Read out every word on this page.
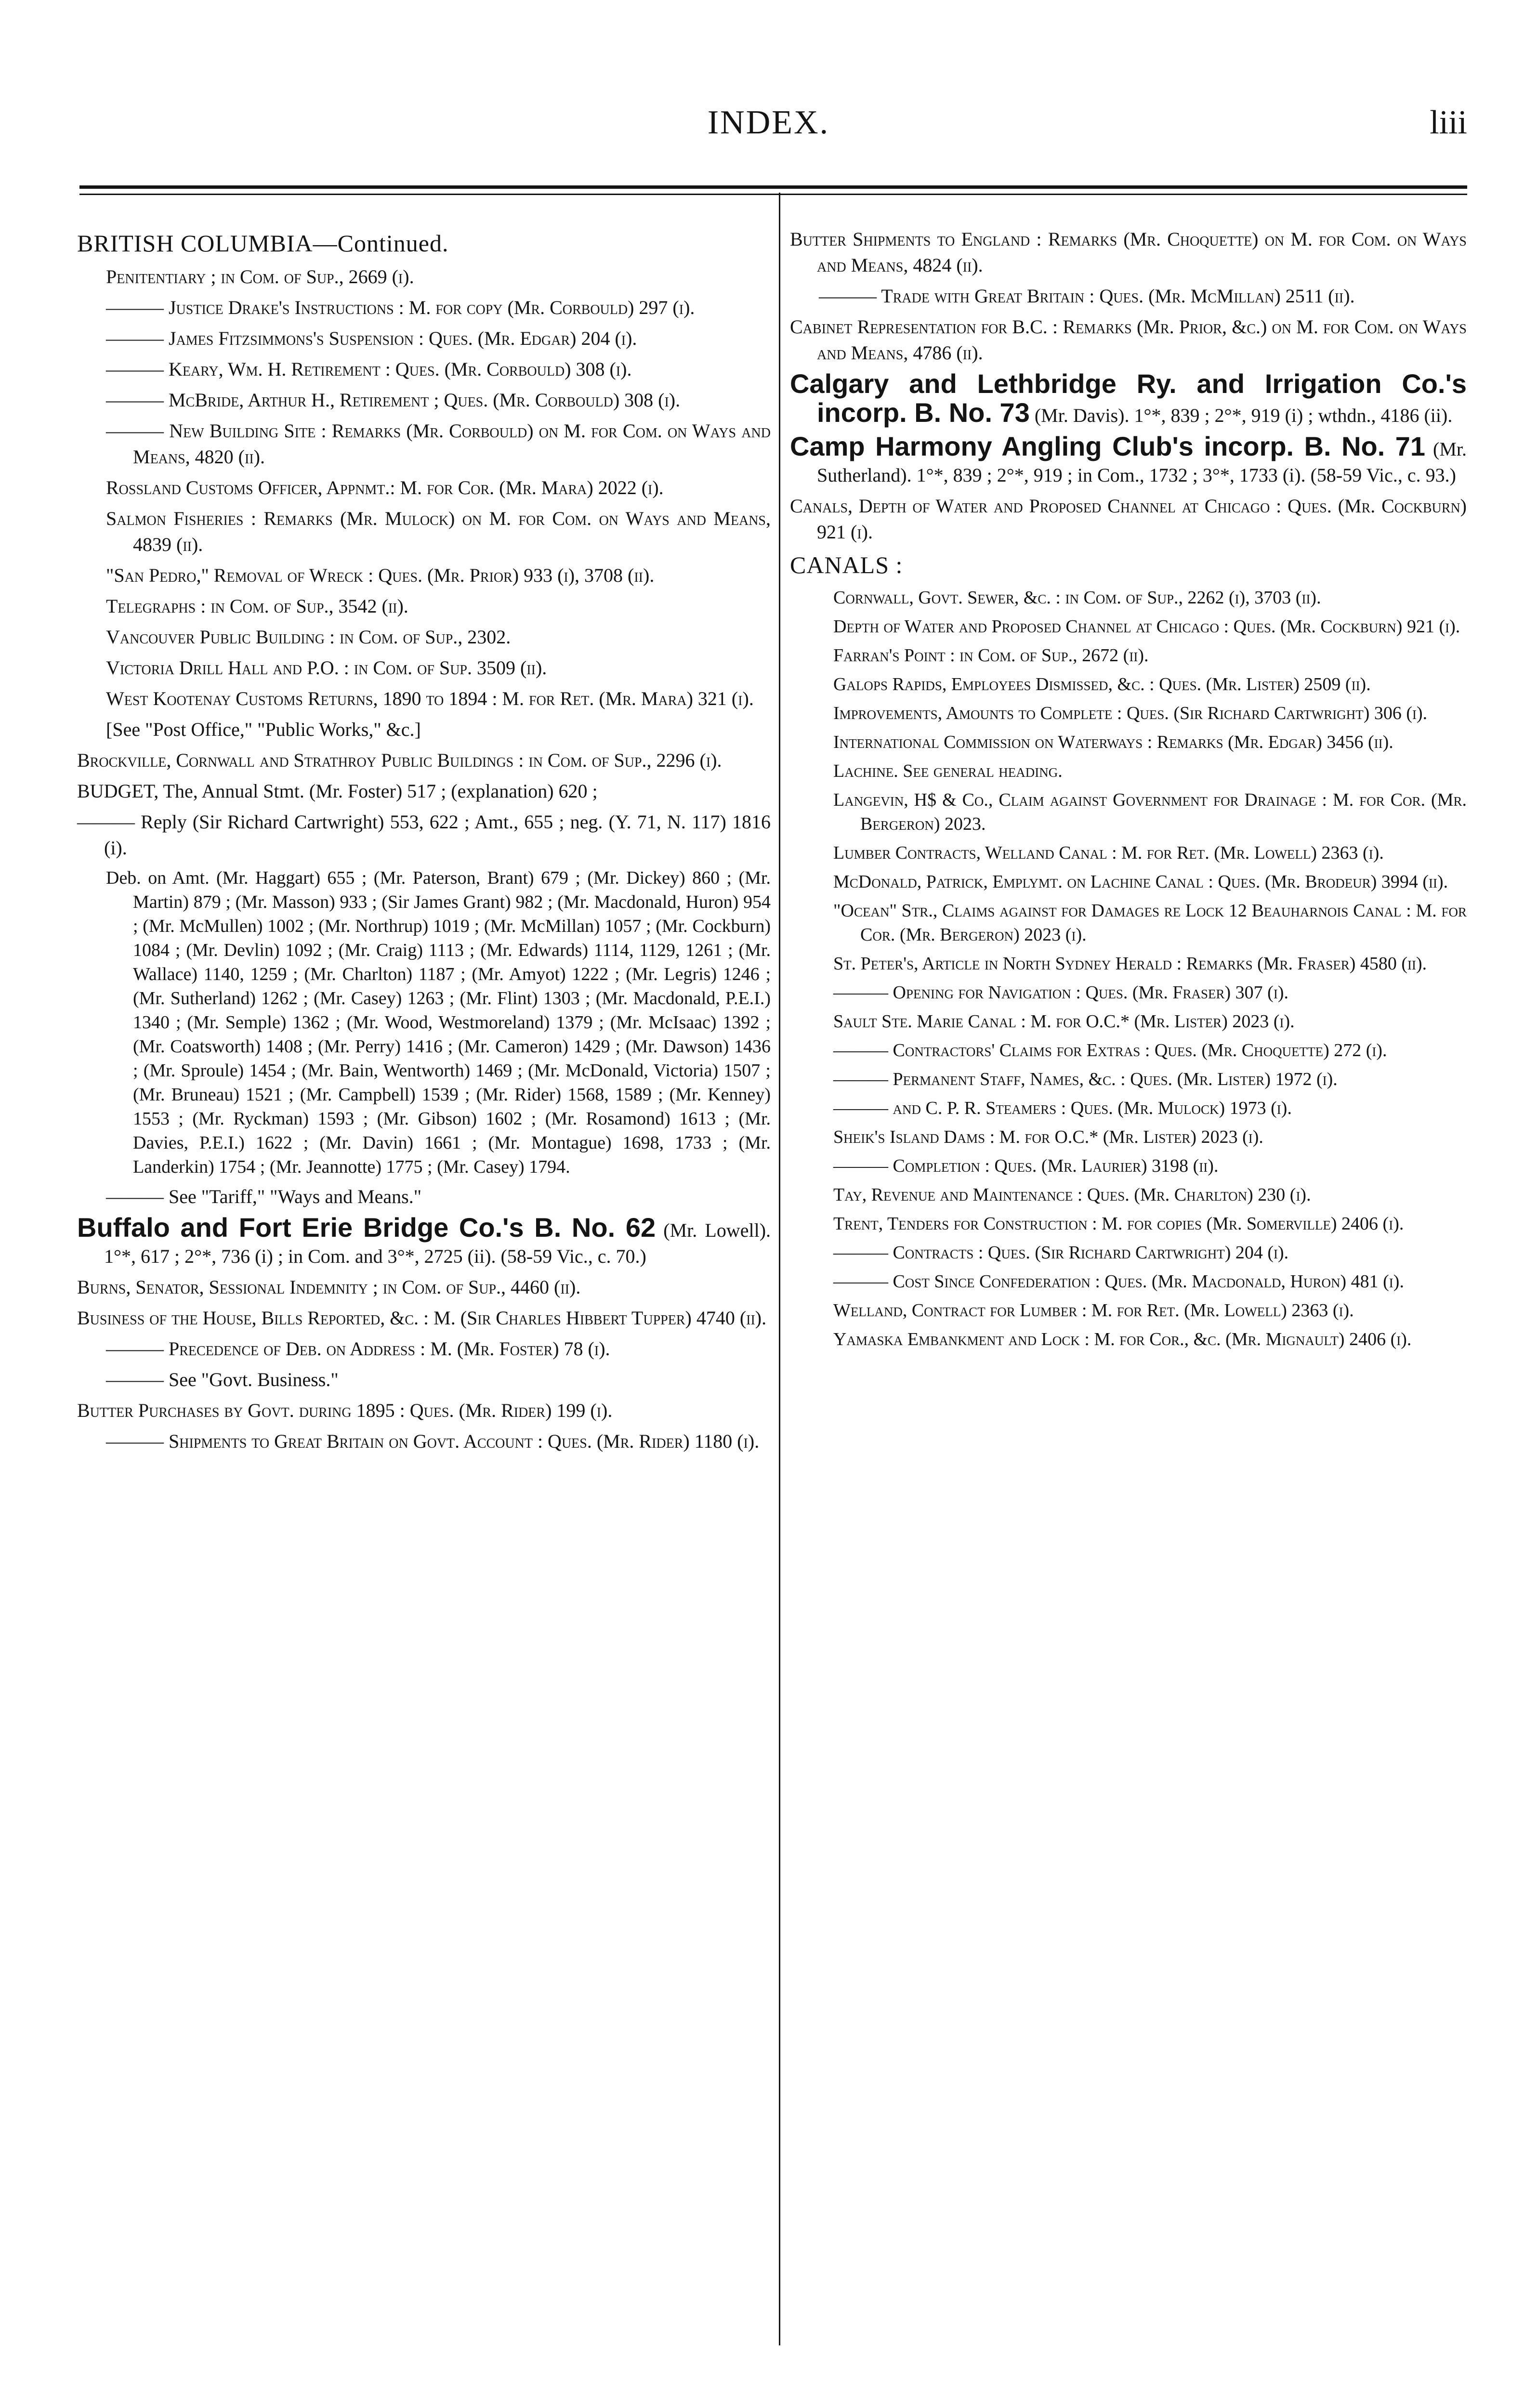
INDEX.	liii

BRITISH COLUMBIA—Continued.

Penitentiary ; in Com. of Sup., 2669 (i).

——— Justice Drake's Instructions : M. for copy (Mr. Corbould) 297 (i).

——— James Fitzsimmons's Suspension : Ques. (Mr. Edgar) 204 (i).

——— Keary, Wm. H. Retirement : Ques. (Mr. Corbould) 308 (i).

——— McBride, Arthur H., Retirement ; Ques. (Mr. Corbould) 308 (i).

——— New Building Site : Remarks (Mr. Corbould) on M. for Com. on Ways and Means, 4820 (ii).

Rossland Customs Officer, Appnmt.: M. for Cor. (Mr. Mara) 2022 (i).

Salmon Fisheries : Remarks (Mr. Mulock) on M. for Com. on Ways and Means, 4839 (ii).

"San Pedro," Removal of Wreck : Ques. (Mr. Prior) 933 (i), 3708 (ii).

Telegraphs : in Com. of Sup., 3542 (ii).

Vancouver Public Building : in Com. of Sup., 2302.

Victoria Drill Hall and P.O. : in Com. of Sup. 3509 (ii).

West Kootenay Customs Returns, 1890 to 1894 : M. for Ret. (Mr. Mara) 321 (i).

[See "Post Office," "Public Works," &c.]

Brockville, Cornwall and Strathroy Public Buildings : in Com. of Sup., 2296 (i).

BUDGET, The, Annual Stmt. (Mr. Foster) 517 ; (explanation) 620 ;

——— Reply (Sir Richard Cartwright) 553, 622 ; Amt., 655 ; neg. (Y. 71, N. 117) 1816 (i).

Deb. on Amt. (Mr. Haggart) 655 ; (Mr. Paterson, Brant) 679 ; (Mr. Dickey) 860 ; (Mr. Martin) 879 ; (Mr. Masson) 933 ; (Sir James Grant) 982 ; (Mr. Macdonald, Huron) 954 ; (Mr. McMullen) 1002 ; (Mr. Northrup) 1019 ; (Mr. McMillan) 1057 ; (Mr. Cockburn) 1084 ; (Mr. Devlin) 1092 ; (Mr. Craig) 1113 ; (Mr. Edwards) 1114, 1129, 1261 ; (Mr. Wallace) 1140, 1259 ; (Mr. Charlton) 1187 ; (Mr. Amyot) 1222 ; (Mr. Legris) 1246 ; (Mr. Sutherland) 1262 ; (Mr. Casey) 1263 ; (Mr. Flint) 1303 ; (Mr. Macdonald, P.E.I.) 1340 ; (Mr. Semple) 1362 ; (Mr. Wood, Westmoreland) 1379 ; (Mr. McIsaac) 1392 ; (Mr. Coatsworth) 1408 ; (Mr. Perry) 1416 ; (Mr. Cameron) 1429 ; (Mr. Dawson) 1436 ; (Mr. Sproule) 1454 ; (Mr. Bain, Wentworth) 1469 ; (Mr. McDonald, Victoria) 1507 ; (Mr. Bruneau) 1521 ; (Mr. Campbell) 1539 ; (Mr. Rider) 1568, 1589 ; (Mr. Kenney) 1553 ; (Mr. Ryckman) 1593 ; (Mr. Gibson) 1602 ; (Mr. Rosamond) 1613 ; (Mr. Davies, P.E.I.) 1622 ; (Mr. Davin) 1661 ; (Mr. Montague) 1698, 1733 ; (Mr. Landerkin) 1754 ; (Mr. Jeannotte) 1775 ; (Mr. Casey) 1794.

——— See "Tariff," "Ways and Means."

Buffalo and Fort Erie Bridge Co.'s B. No. 62 (Mr. Lowell). 1°*, 617 ; 2°*, 736 (i) ; in Com. and 3°*, 2725 (ii). (58-59 Vic., c. 70.)

Burns, Senator, Sessional Indemnity ; in Com. of Sup., 4460 (ii).

Business of the House, Bills Reported, &c. : M. (Sir Charles Hibbert Tupper) 4740 (ii).

——— Precedence of Deb. on Address : M. (Mr. Foster) 78 (i).

——— See "Govt. Business."

Butter Purchases by Govt. during 1895 : Ques. (Mr. Rider) 199 (i).

——— Shipments to Great Britain on Govt. Account : Ques. (Mr. Rider) 1180 (i).

Butter Shipments to England : Remarks (Mr. Choquette) on M. for Com. on Ways and Means, 4824 (ii).

——— Trade with Great Britain : Ques. (Mr. McMillan) 2511 (ii).

Cabinet Representation for B.C. : Remarks (Mr. Prior, &c.) on M. for Com. on Ways and Means, 4786 (ii).

Calgary and Lethbridge Ry. and Irrigation Co.'s incorp. B. No. 73 (Mr. Davis). 1°*, 839 ; 2°*, 919 (i) ; wthdn., 4186 (ii).

Camp Harmony Angling Club's incorp. B. No. 71 (Mr. Sutherland). 1°*, 839 ; 2°*, 919 ; in Com., 1732 ; 3°*, 1733 (i). (58-59 Vic., c. 93.)

Canals, Depth of Water and Proposed Channel at Chicago : Ques. (Mr. Cockburn) 921 (i).

CANALS :

Cornwall, Govt. Sewer, &c. : in Com. of Sup., 2262 (i), 3703 (ii).

Depth of Water and Proposed Channel at Chicago : Ques. (Mr. Cockburn) 921 (i).

Farran's Point : in Com. of Sup., 2672 (ii).

Galops Rapids, Employees Dismissed, &c. : Ques. (Mr. Lister) 2509 (ii).

Improvements, Amounts to Complete : Ques. (Sir Richard Cartwright) 306 (i).

International Commission on Waterways : Remarks (Mr. Edgar) 3456 (ii).

Lachine. See general heading.

Langevin, H$ & Co., Claim against Government for Drainage : M. for Cor. (Mr. Bergeron) 2023.

Lumber Contracts, Welland Canal : M. for Ret. (Mr. Lowell) 2363 (i).

McDonald, Patrick, Emplymt. on Lachine Canal : Ques. (Mr. Brodeur) 3994 (ii).

"Ocean" Str., Claims against for Damages re Lock 12 Beauharnois Canal : M. for Cor. (Mr. Bergeron) 2023 (i).

St. Peter's, Article in North Sydney Herald : Remarks (Mr. Fraser) 4580 (ii).

——— Opening for Navigation : Ques. (Mr. Fraser) 307 (i).

Sault Ste. Marie Canal : M. for O.C.* (Mr. Lister) 2023 (i).

——— Contractors' Claims for Extras : Ques. (Mr. Choquette) 272 (i).

——— Permanent Staff, Names, &c. : Ques. (Mr. Lister) 1972 (i).

——— and C. P. R. Steamers : Ques. (Mr. Mulock) 1973 (i).

Sheik's Island Dams : M. for O.C.* (Mr. Lister) 2023 (i).

——— Completion : Ques. (Mr. Laurier) 3198 (ii).

Tay, Revenue and Maintenance : Ques. (Mr. Charlton) 230 (i).

Trent, Tenders for Construction : M. for copies (Mr. Somerville) 2406 (i).

——— Contracts : Ques. (Sir Richard Cartwright) 204 (i).

——— Cost Since Confederation : Ques. (Mr. Macdonald, Huron) 481 (i).

Welland, Contract for Lumber : M. for Ret. (Mr. Lowell) 2363 (i).

Yamaska Embankment and Lock : M. for Cor., &c. (Mr. Mignault) 2406 (i).
